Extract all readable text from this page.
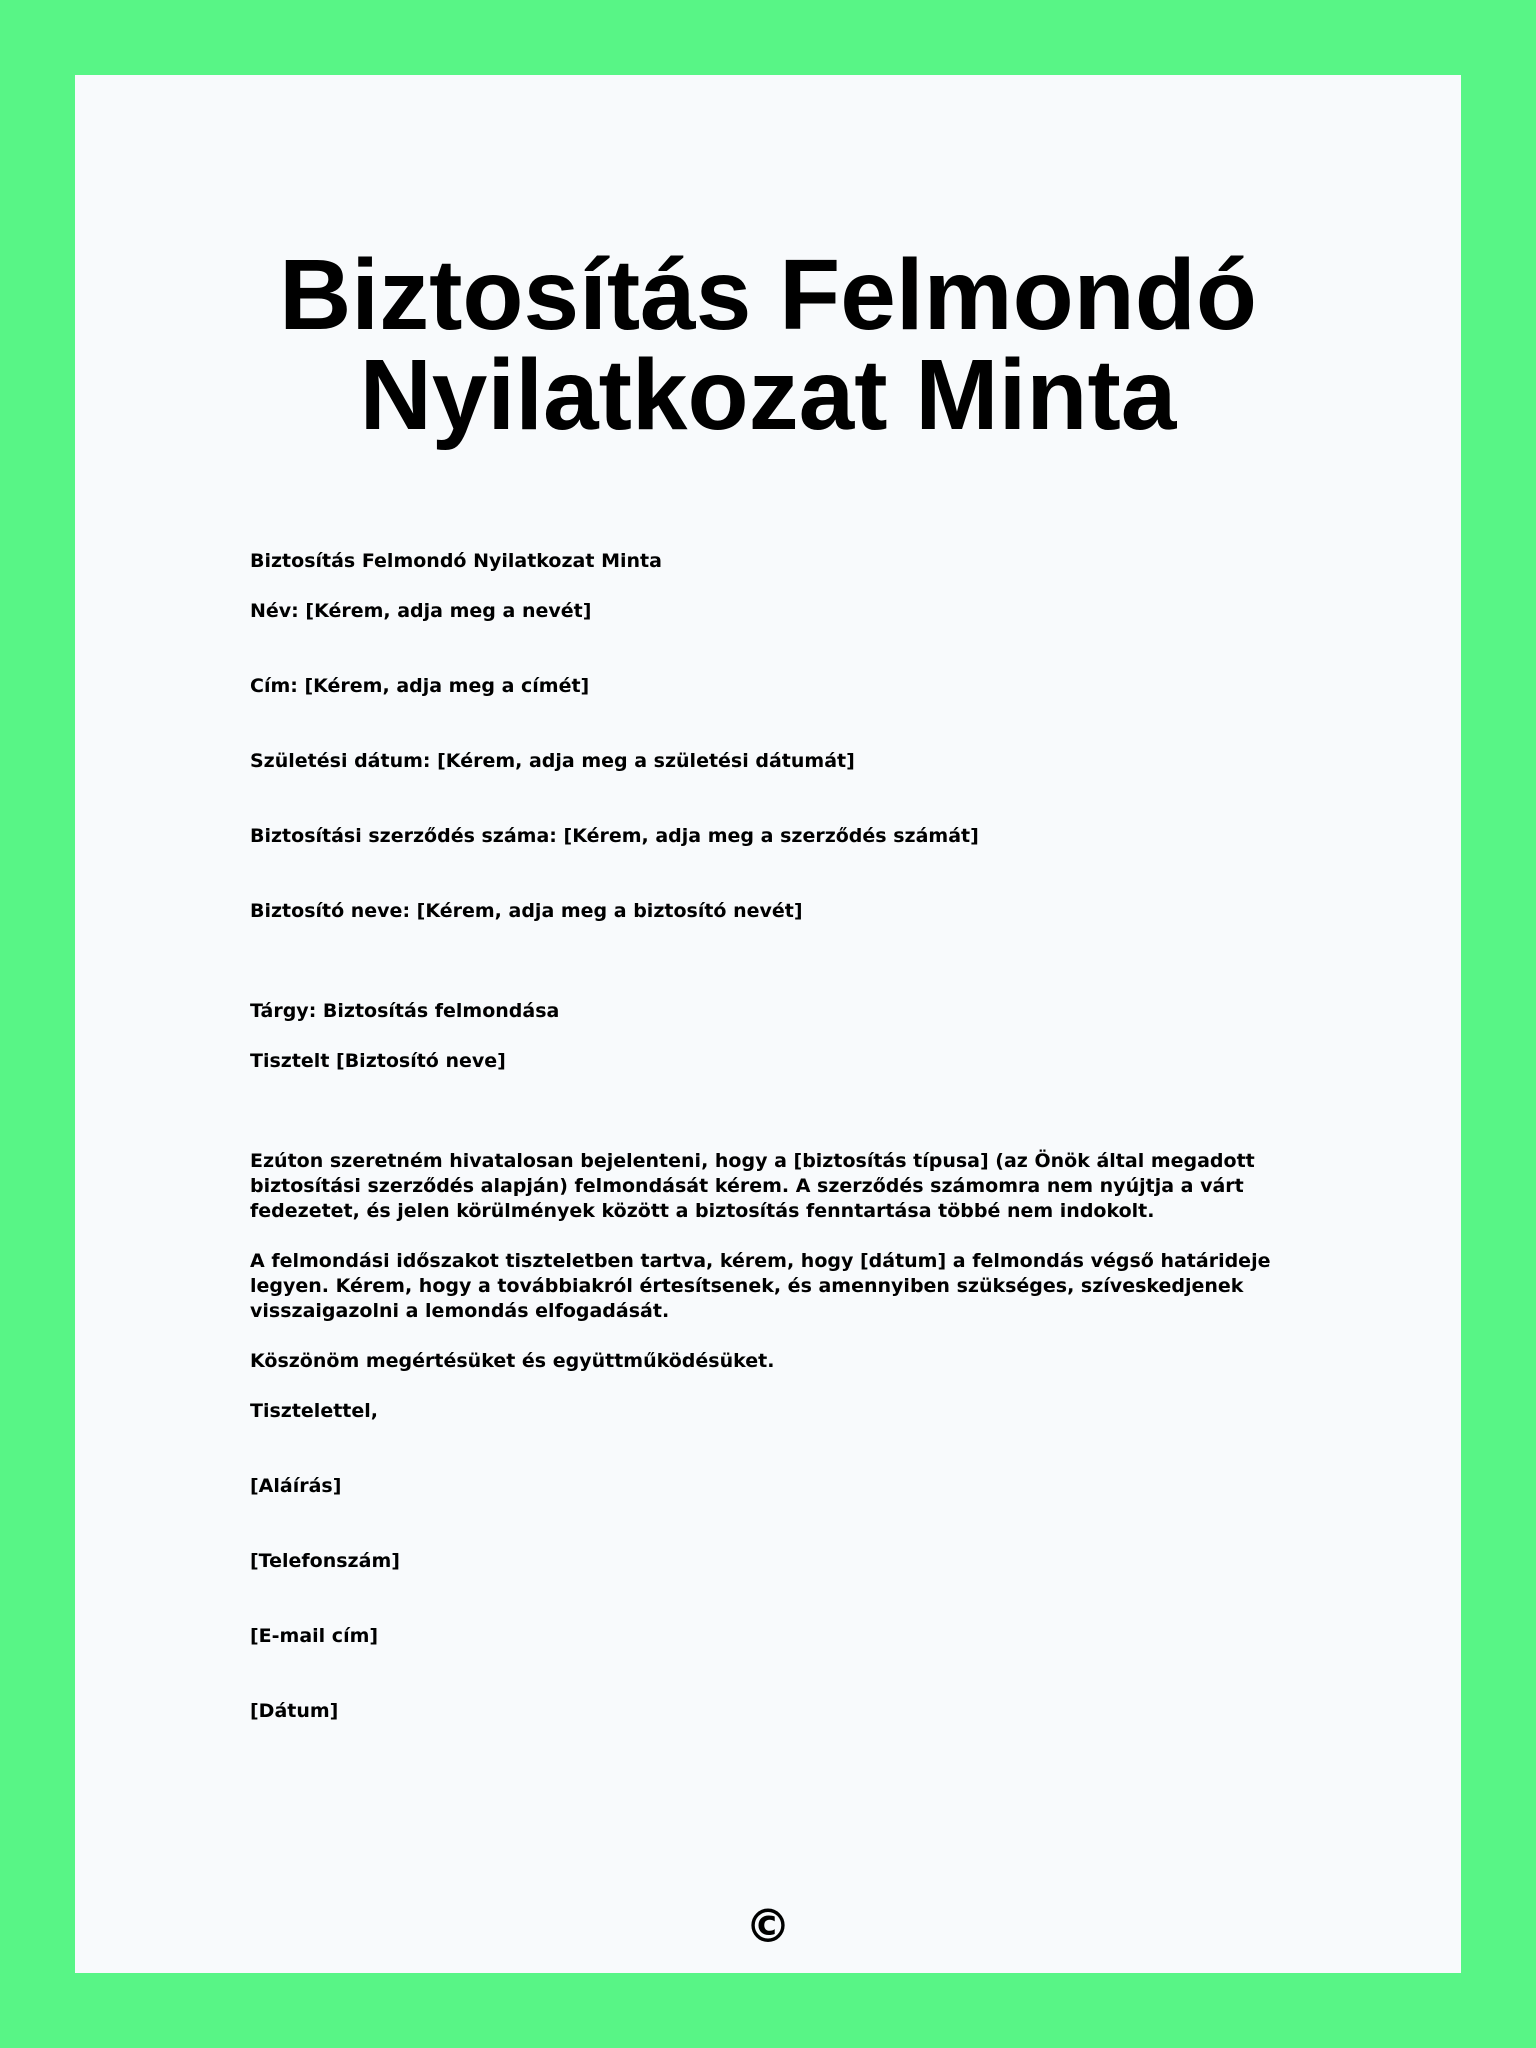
Biztosítás Felmondó Nyilatkozat Minta

Biztosítás Felmondó Nyilatkozat Minta

Név: [Kérem, adja meg a nevét]

Cím: [Kérem, adja meg a címét]

Születési dátum: [Kérem, adja meg a születési dátumát]

Biztosítási szerződés száma: [Kérem, adja meg a szerződés számát]

Biztosító neve: [Kérem, adja meg a biztosító nevét]

Tárgy: Biztosítás felmondása

Tisztelt [Biztosító neve]

Ezúton szeretném hivatalosan bejelenteni, hogy a [biztosítás típusa] (az Önök által megadott biztosítási szerződés alapján) felmondását kérem. A szerződés számomra nem nyújtja a várt fedezetet, és jelen körülmények között a biztosítás fenntartása többé nem indokolt.

A felmondási időszakot tiszteletben tartva, kérem, hogy [dátum] a felmondás végső határideje legyen. Kérem, hogy a továbbiakról értesítsenek, és amennyiben szükséges, szíveskedjenek visszaigazolni a lemondás elfogadását.

Köszönöm megértésüket és együttműködésüket.

Tisztelettel,

[Aláírás]

[Telefonszám]

[E-mail cím]

[Dátum]

©
